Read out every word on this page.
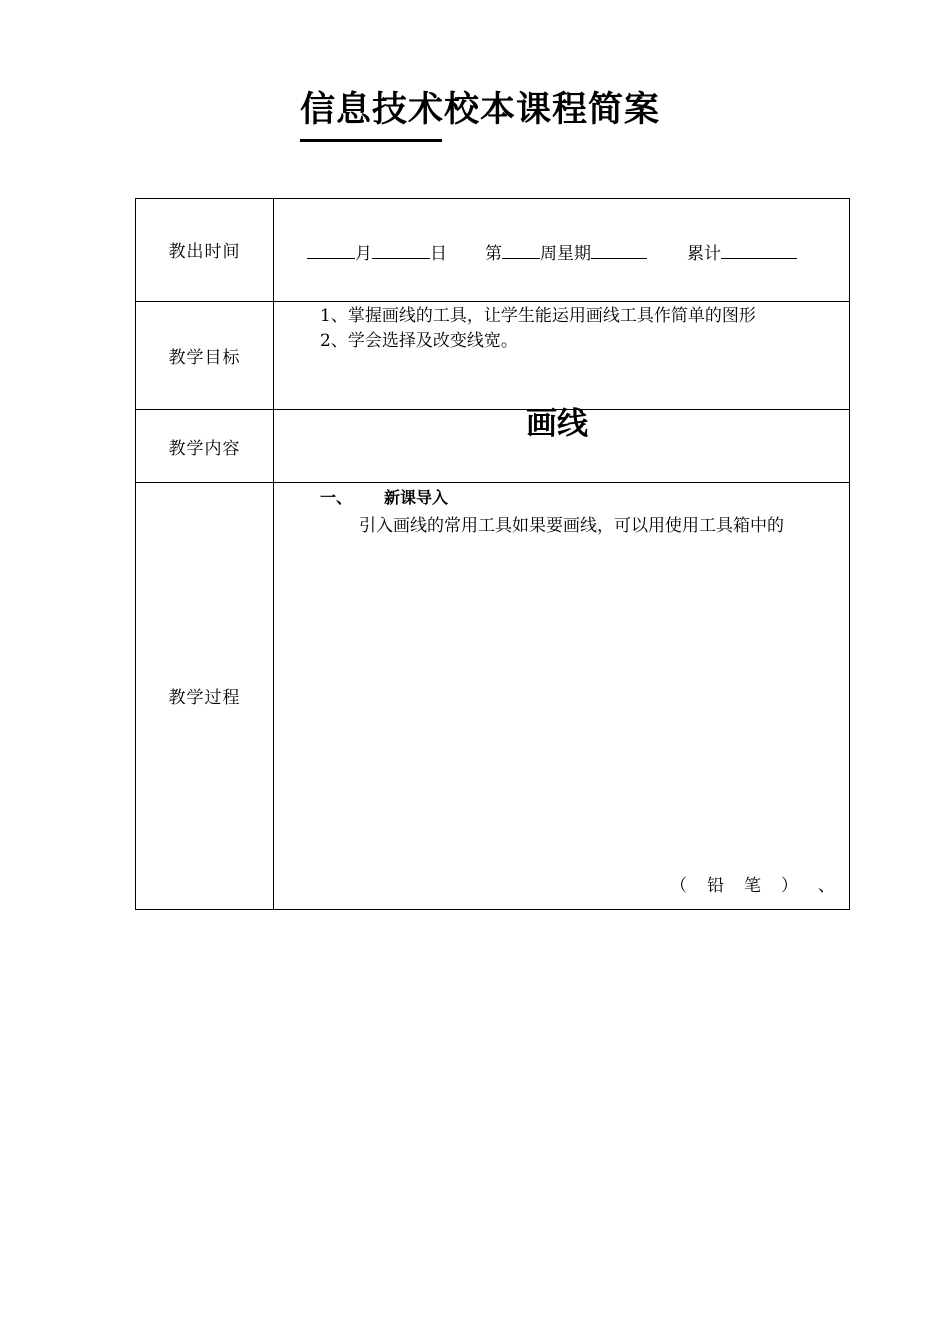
信息技术校本课程简案
教出时间	月 日 第 周星期 累计

教学目标	1、掌握画线的工具，让学生能运用画线工具作简单的图形
2、学会选择及改变线宽。

教学内容	画线

教学过程	一、 新课导入
引入画线的常用工具如果要画线，可以用使用工具箱中的
（ 铅 笔 ） 、
